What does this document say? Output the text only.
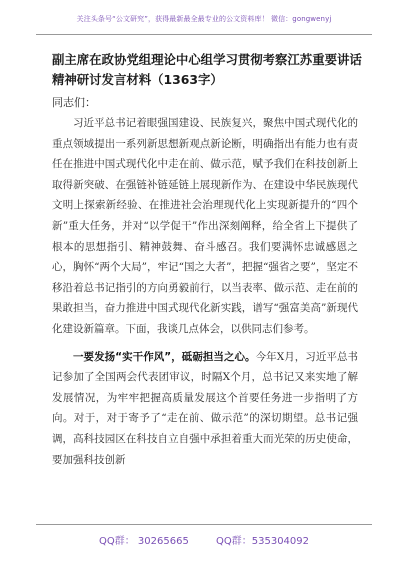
关注头条号“公文研究”，获得最新最全最专业的公文资料库！ 微信：gongwenyj
副主席在政协党组理论中心组学习贯彻考察江苏重要讲话精神研讨发言材料（1363字）

同志们：

习近平总书记着眼强国建设、民族复兴，聚焦中国式现代化的重点领域提出一系列新思想新观点新论断，明确指出有能力也有责任在推进中国式现代化中走在前、做示范，赋予我们在科技创新上取得新突破、在强链补链延链上展现新作为、在建设中华民族现代文明上探索新经验、在推进社会治理现代化上实现新提升的“四个新”重大任务，并对“以学促干”作出深刻阐释，给全省上下提供了根本的思想指引、精神鼓舞、奋斗感召。我们要满怀忠诚感恩之心，胸怀“两个大局”，牢记“国之大者”，把握“强省之要”，坚定不移沿着总书记指引的方向勇毅前行，以当表率、做示范、走在前的果敢担当，奋力推进中国式现代化新实践，谱写“强富美高”新现代化建设新篇章。下面，我谈几点体会，以供同志们参考。

一要发扬“实干作风”，砥砺担当之心。今年X月，习近平总书记参加了全国两会代表团审议，时隔X个月，总书记又来实地了解发展情况，为牢牢把握高质量发展这个首要任务进一步指明了方向。对于，对于寄予了“走在前、做示范”的深切期望。总书记强调，高科技园区在科技自立自强中承担着重大而光荣的历史使命，要加强科技创新

QQ群： 30265665	QQ群：535304092
